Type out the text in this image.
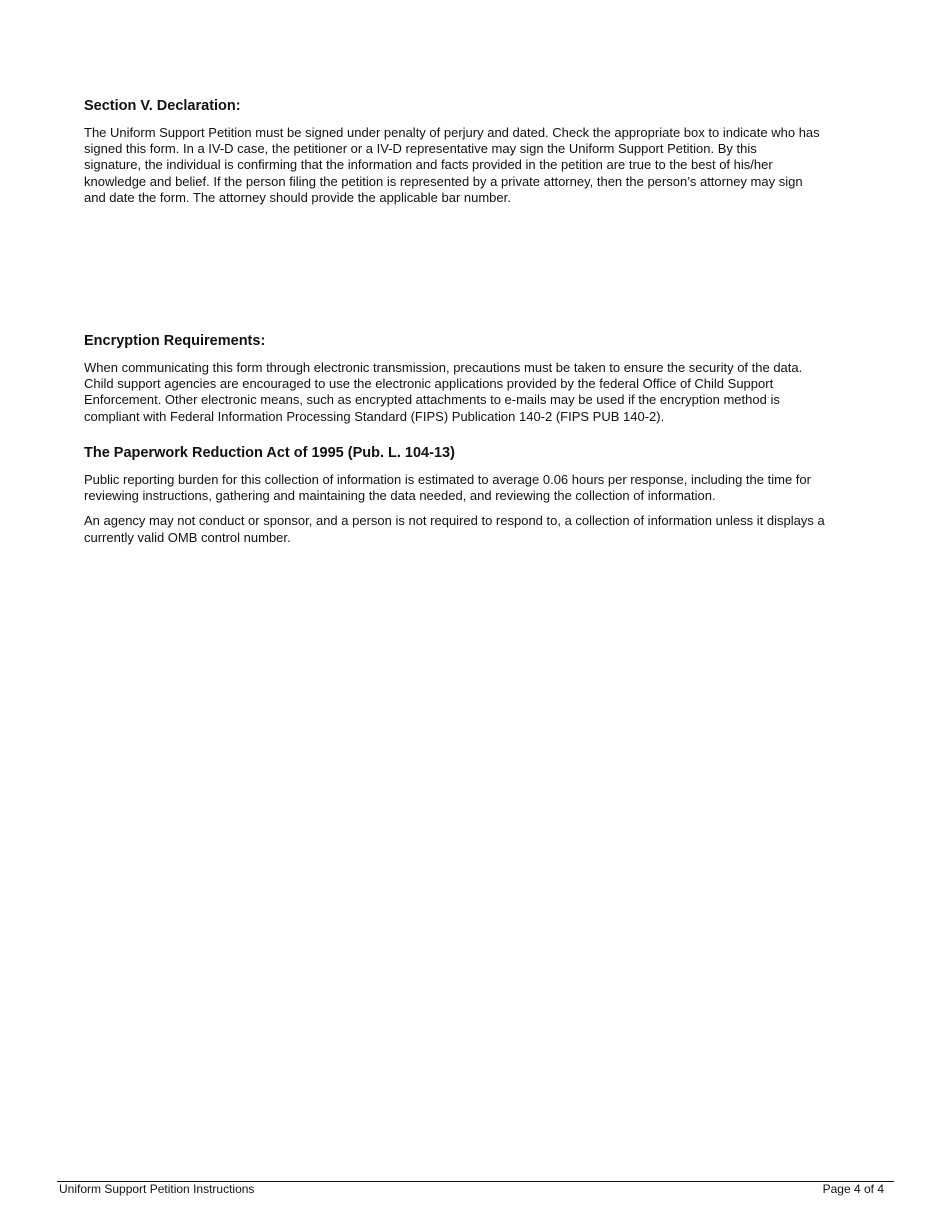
Section V. Declaration:

The Uniform Support Petition must be signed under penalty of perjury and dated. Check the appropriate box to indicate who has
signed this form. In a IV-D case, the petitioner or a IV-D representative may sign the Uniform Support Petition. By this
signature, the individual is confirming that the information and facts provided in the petition are true to the best of his/her
knowledge and belief. If the person filing the petition is represented by a private attorney, then the person’s attorney may sign
and date the form. The attorney should provide the applicable bar number.

Encryption Requirements:

When communicating this form through electronic transmission, precautions must be taken to ensure the security of the data.
Child support agencies are encouraged to use the electronic applications provided by the federal Office of Child Support
Enforcement. Other electronic means, such as encrypted attachments to e-mails may be used if the encryption method is
compliant with Federal Information Processing Standard (FIPS) Publication 140-2 (FIPS PUB 140-2).

The Paperwork Reduction Act of 1995 (Pub. L. 104-13)

Public reporting burden for this collection of information is estimated to average 0.06 hours per response, including the time for
reviewing instructions, gathering and maintaining the data needed, and reviewing the collection of information.

An agency may not conduct or sponsor, and a person is not required to respond to, a collection of information unless it displays a
currently valid OMB control number.

Uniform Support Petition Instructions	Page 4 of 4
